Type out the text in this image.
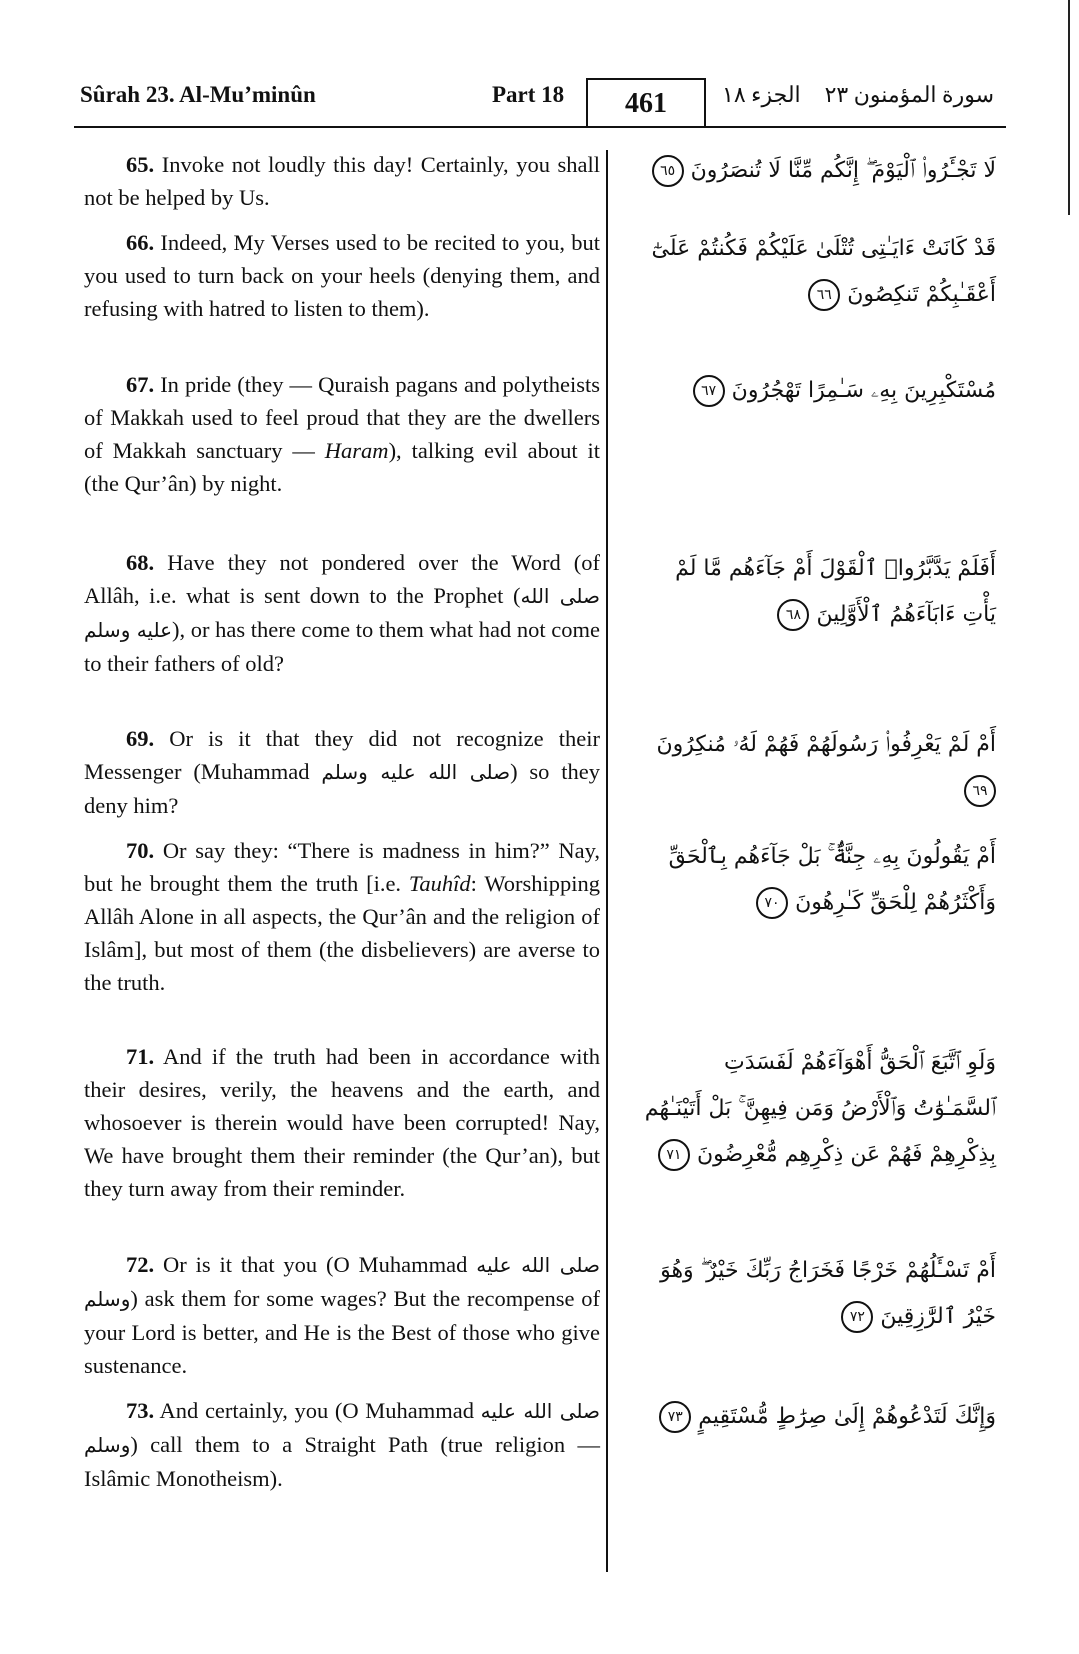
Sûrah 23. Al-Mu’minûn	Part 18	461	الجزء ١٨ سورة المؤمنون ٢٣
65. Invoke not loudly this day! Certainly, you shall not be helped by Us.
لَا تَجْـَٔرُوا۟ ٱلْيَوْمَ ۖ إِنَّكُم مِّنَّا لَا تُنصَرُونَ ٦٥
66. Indeed, My Verses used to be recited to you, but you used to turn back on your heels (denying them, and refusing with hatred to listen to them).
قَدْ كَانَتْ ءَايَـٰتِى تُتْلَىٰ عَلَيْكُمْ فَكُنتُمْ عَلَىٰٓ أَعْقَـٰبِكُمْ تَنكِصُونَ ٦٦
67. In pride (they — Quraish pagans and polytheists of Makkah used to feel proud that they are the dwellers of Makkah sanctuary — Haram), talking evil about it (the Qur’ân) by night.
مُسْتَكْبِرِينَ بِهِۦ سَـٰمِرًا تَهْجُرُونَ ٦٧
68. Have they not pondered over the Word (of Allâh, i.e. what is sent down to the Prophet (صلى الله عليه وسلم), or has there come to them what had not come to their fathers of old?
أَفَلَمْ يَدَّبَّرُوا۟ ٱلْقَوْلَ أَمْ جَآءَهُم مَّا لَمْ يَأْتِ ءَابَآءَهُمُ ٱلْأَوَّلِينَ ٦٨
69. Or is it that they did not recognize their Messenger (Muhammad صلى الله عليه وسلم) so they deny him?
أَمْ لَمْ يَعْرِفُوا۟ رَسُولَهُمْ فَهُمْ لَهُۥ مُنكِرُونَ ٦٩
70. Or say they: “There is madness in him?” Nay, but he brought them the truth [i.e. Tauhîd: Worshipping Allâh Alone in all aspects, the Qur’ân and the religion of Islâm], but most of them (the disbelievers) are averse to the truth.
أَمْ يَقُولُونَ بِهِۦ جِنَّةٌۢ ۚ بَلْ جَآءَهُم بِٱلْحَقِّ وَأَكْثَرُهُمْ لِلْحَقِّ كَـٰرِهُونَ ٧٠
71. And if the truth had been in accordance with their desires, verily, the heavens and the earth, and whosoever is therein would have been corrupted! Nay, We have brought them their reminder (the Qur’an), but they turn away from their reminder.
وَلَوِ ٱتَّبَعَ ٱلْحَقُّ أَهْوَآءَهُمْ لَفَسَدَتِ ٱلسَّمَـٰوَٰتُ وَٱلْأَرْضُ وَمَن فِيهِنَّ ۚ بَلْ أَتَيْنَـٰهُم بِذِكْرِهِمْ فَهُمْ عَن ذِكْرِهِم مُّعْرِضُونَ ٧١
72. Or is it that you (O Muhammad صلى الله عليه وسلم) ask them for some wages? But the recompense of your Lord is better, and He is the Best of those who give sustenance.
أَمْ تَسْـَٔلُهُمْ خَرْجًا فَخَرَاجُ رَبِّكَ خَيْرٌ ۖ وَهُوَ خَيْرُ ٱلرَّٰزِقِينَ ٧٢
73. And certainly, you (O Muhammad صلى الله عليه وسلم) call them to a Straight Path (true religion — Islâmic Monotheism).
وَإِنَّكَ لَتَدْعُوهُمْ إِلَىٰ صِرَٰطٍ مُّسْتَقِيمٍ ٧٣
